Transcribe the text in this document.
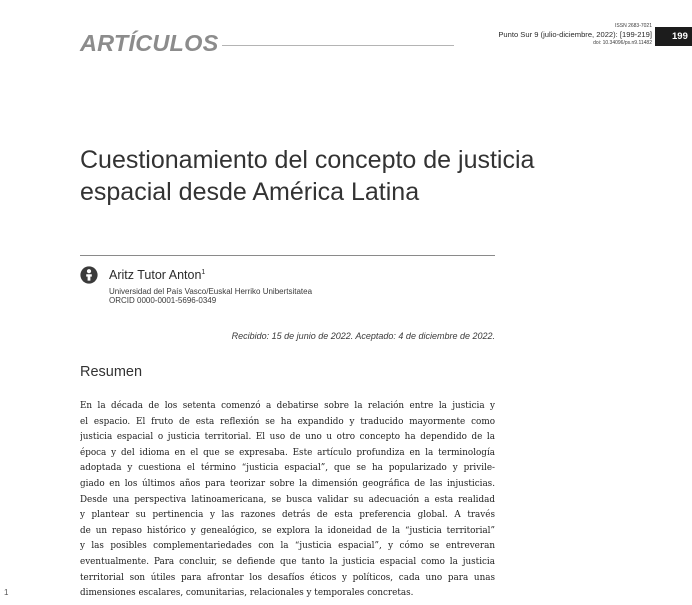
ARTÍCULOS
ISSN 2683-7021
Punto Sur 9 (julio-diciembre, 2022): [199-219]
doi: 10.34096/ps.n9.11482
199
Cuestionamiento del concepto de justicia espacial desde América Latina
Aritz Tutor Anton$^1$
Universidad del País Vasco/Euskal Herriko Unibertsitatea
ORCID 0000-0001-5696-0349
Recibido: 15 de junio de 2022. Aceptado: 4 de diciembre de 2022.
Resumen
En la década de los setenta comenzó a debatirse sobre la relación entre la justicia y
el espacio. El fruto de esta reflexión se ha expandido y traducido mayormente como
justicia espacial o justicia territorial. El uso de uno u otro concepto ha dependido de la
época y del idioma en el que se expresaba. Este artículo profundiza en la terminología
adoptada y cuestiona el término “justicia espacial”, que se ha popularizado y privile-
giado en los últimos años para teorizar sobre la dimensión geográfica de las injusticias.
Desde una perspectiva latinoamericana, se busca validar su adecuación a esta realidad
y plantear su pertinencia y las razones detrás de esta preferencia global. A través
de un repaso histórico y genealógico, se explora la idoneidad de la “justicia territorial”
y las posibles complementariedades con la “justicia espacial”, y cómo se entreveran
eventualmente. Para concluir, se defiende que tanto la justicia espacial como la justicia
territorial son útiles para afrontar los desafíos éticos y políticos, cada uno para unas
dimensiones escalares, comunitarias, relacionales y temporales concretas.
1
